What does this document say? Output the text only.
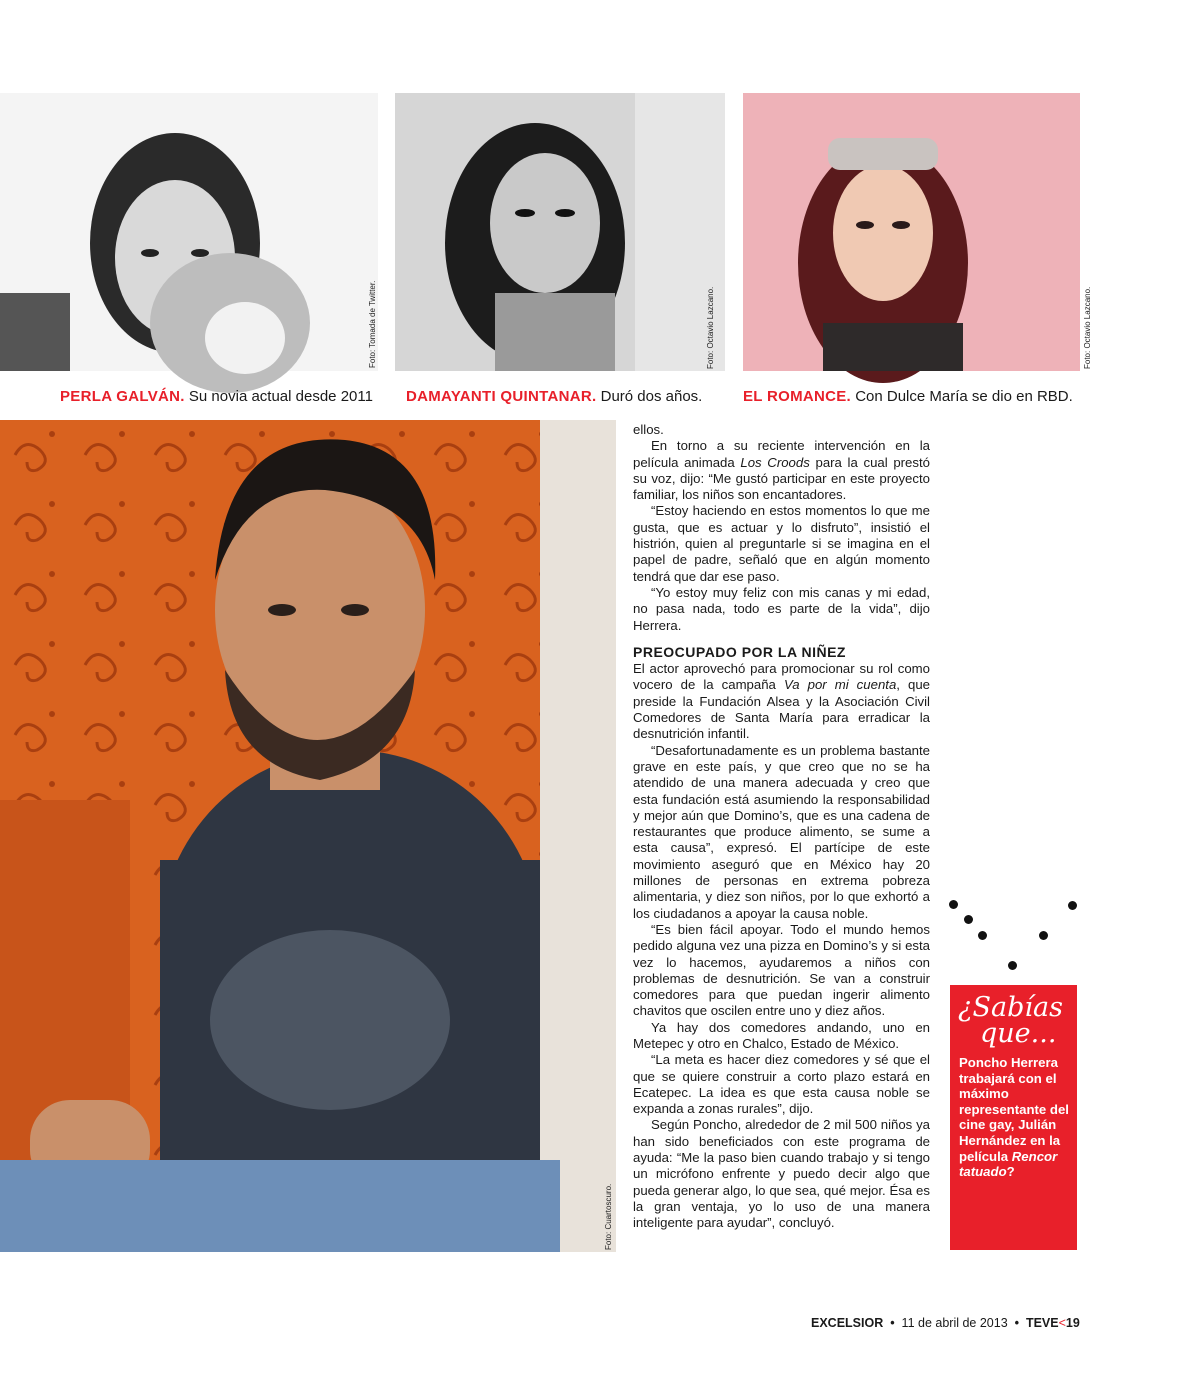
Foto: Tomada de Twitter.	Foto: Octavio Lazcano.	Foto: Octavio Lazcano.
PERLA GALVÁN. Su novia actual desde 2011 DAMAYANTI QUINTANAR. Duró dos años.	EL ROMANCE. Con Dulce María se dio en RBD.
Foto: Cuartoscuro.

ellos.

En torno a su reciente intervención en la película animada Los Croods para la cual prestó su voz, dijo: “Me gustó participar en este proyecto familiar, los niños son encantadores.

“Estoy haciendo en estos momentos lo que me gusta, que es actuar y lo disfruto”, insistió el histrión, quien al preguntarle si se imagina en el papel de padre, señaló que en algún momento tendrá que dar ese paso.

“Yo estoy muy feliz con mis canas y mi edad, no pasa nada, todo es parte de la vida”, dijo Herrera.

PREOCUPADO POR LA NIÑEZ

El actor aprovechó para promocionar su rol como vocero de la campaña Va por mi cuenta, que preside la Fundación Alsea y la Asociación Civil Comedores de Santa María para erradicar la desnutrición infantil.

“Desafortunadamente es un problema bastante grave en este país, y que creo que no se ha atendido de una manera adecuada y creo que esta fundación está asumiendo la responsabilidad y mejor aún que Domino’s, que es una cadena de restaurantes que produce alimento, se sume a esta causa”, expresó. El partícipe de este movimiento aseguró que en México hay 20 millones de personas en extrema pobreza alimentaria, y diez son niños, por lo que exhortó a los ciudadanos a apoyar la causa noble.

“Es bien fácil apoyar. Todo el mundo hemos pedido alguna vez una pizza en Domino’s y si esta vez lo hacemos, ayudaremos a niños con problemas de desnutrición. Se van a construir comedores para que puedan ingerir alimento chavitos que oscilen entre uno y diez años.

Ya hay dos comedores andando, uno en Metepec y otro en Chalco, Estado de México.

“La meta es hacer diez comedores y sé que el que se quiere construir a corto plazo estará en Ecatepec. La idea es que esta causa noble se expanda a zonas rurales”, dijo.

Según Poncho, alrededor de 2 mil 500 niños ya han sido beneficiados con este programa de ayuda: “Me la paso bien cuando trabajo y si tengo un micrófono enfrente y puedo decir algo que pueda generar algo, lo que sea, qué mejor. Ésa es la gran ventaja, yo lo uso de una manera inteligente para ayudar”, concluyó.

¿Sabías
que...
Poncho Herrera trabajará con el máximo representante del cine gay, Julián Hernández en la película Rencor tatuado?
EXCELSIOR  •  11 de abril de 2013  •  TEVE<19
